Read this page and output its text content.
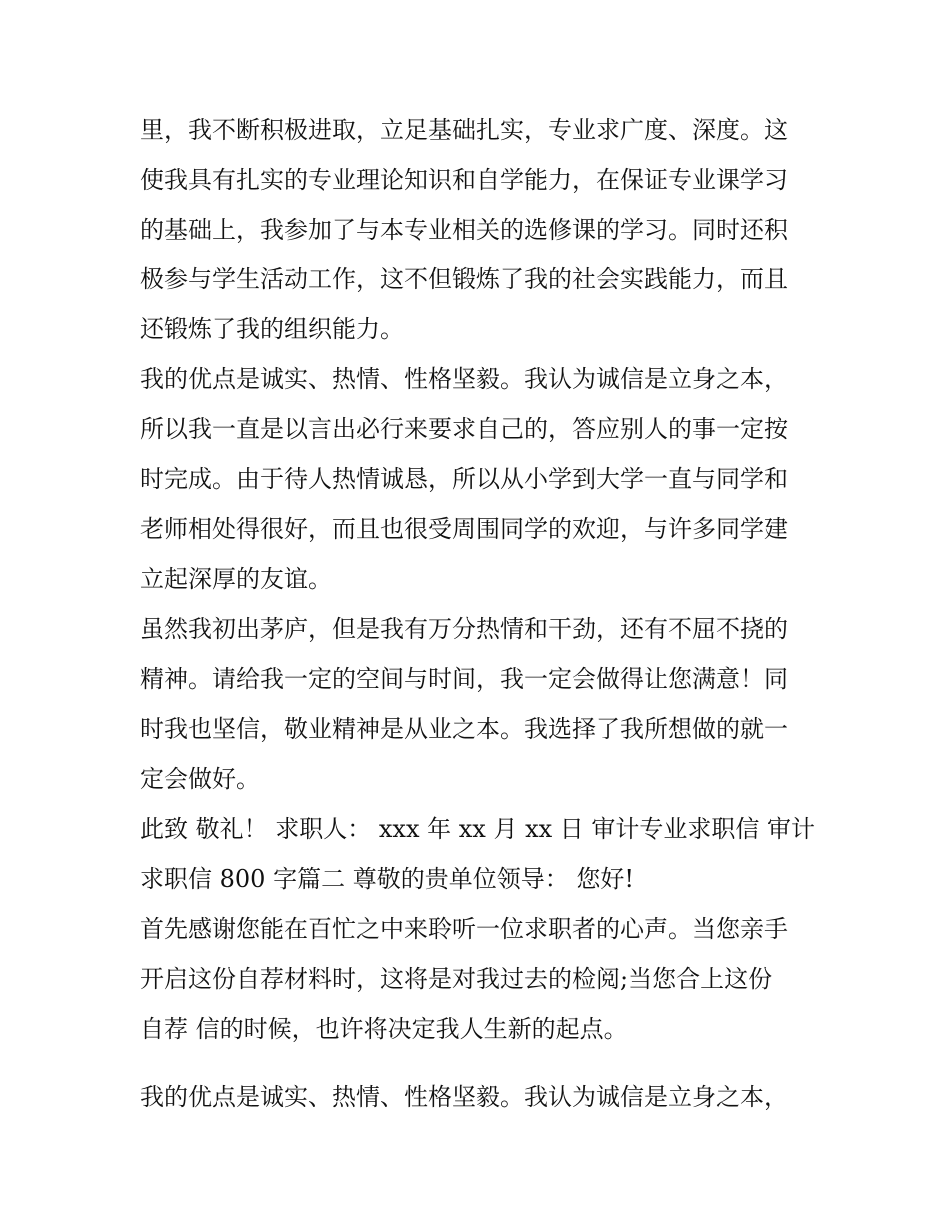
里，我不断积极进取，立足基础扎实，专业求广度、深度。这
使我具有扎实的专业理论知识和自学能力，在保证专业课学习
的基础上，我参加了与本专业相关的选修课的学习。同时还积
极参与学生活动工作，这不但锻炼了我的社会实践能力，而且
还锻炼了我的组织能力。
我的优点是诚实、热情、性格坚毅。我认为诚信是立身之本，
所以我一直是以言出必行来要求自己的，答应别人的事一定按
时完成。由于待人热情诚恳，所以从小学到大学一直与同学和
老师相处得很好，而且也很受周围同学的欢迎，与许多同学建
立起深厚的友谊。
虽然我初出茅庐，但是我有万分热情和干劲，还有不屈不挠的
精神。请给我一定的空间与时间，我一定会做得让您满意！同
时我也坚信，敬业精神是从业之本。我选择了我所想做的就一
定会做好。
此致 敬礼！ 求职人： xxx 年 xx 月 xx 日 审计专业求职信 审计
求职信 800 字篇二 尊敬的贵单位领导： 您好!
首先感谢您能在百忙之中来聆听一位求职者的心声。当您亲手
开启这份自荐材料时，这将是对我过去的检阅;当您合上这份
自荐 信的时候，也许将决定我人生新的起点。
我的优点是诚实、热情、性格坚毅。我认为诚信是立身之本，
